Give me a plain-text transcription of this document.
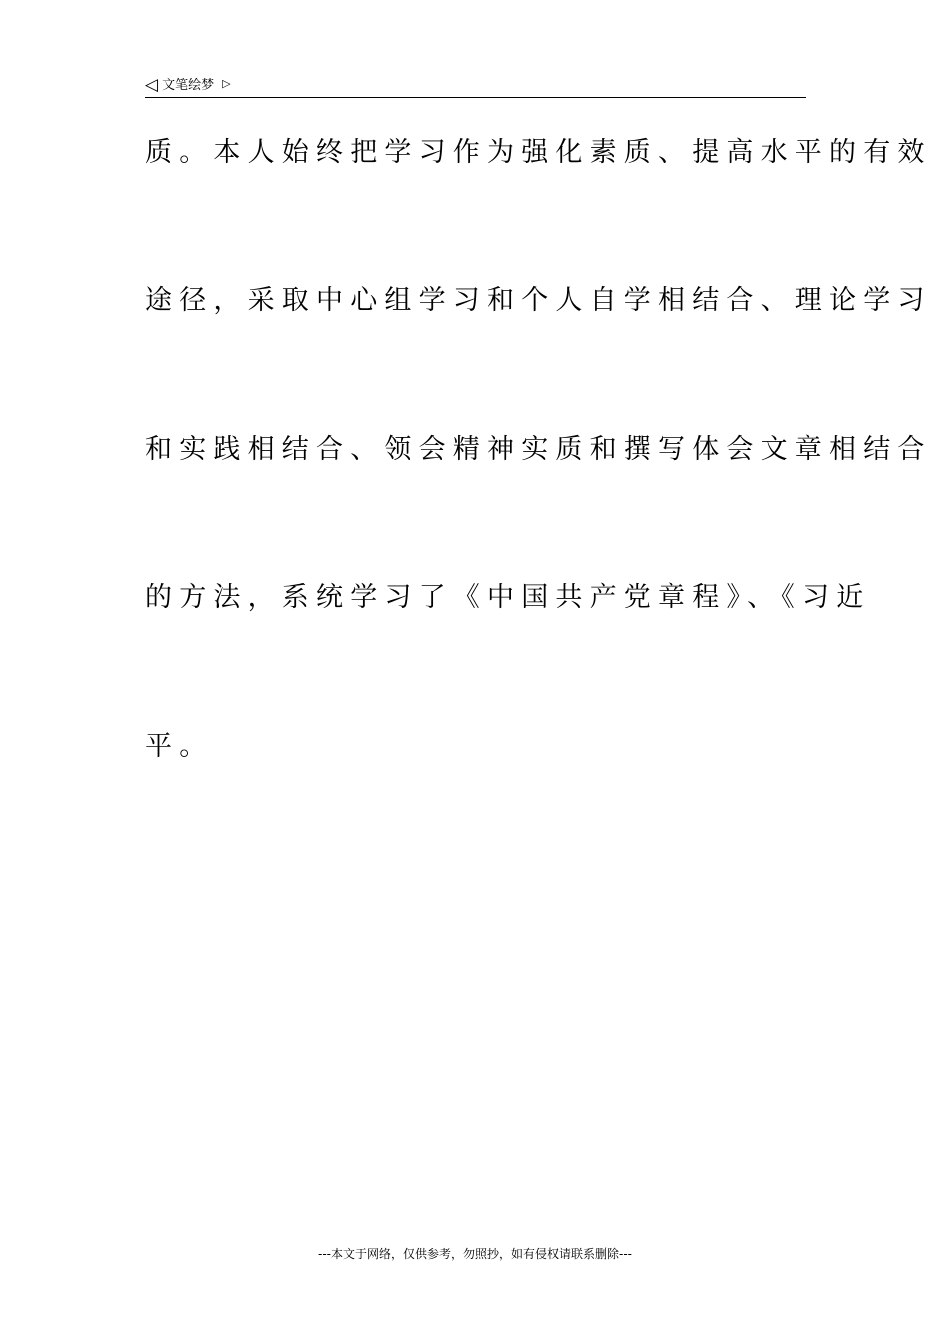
◁ 文笔绘梦 ▷
质。本人始终把学习作为强化素质、提高水平的有效
途径，采取中心组学习和个人自学相结合、理论学习
和实践相结合、领会精神实质和撰写体会文章相结合
的方法，系统学习了《中国共产党章程》、《习近
平。
---本文于网络，仅供参考，勿照抄，如有侵权请联系删除---
